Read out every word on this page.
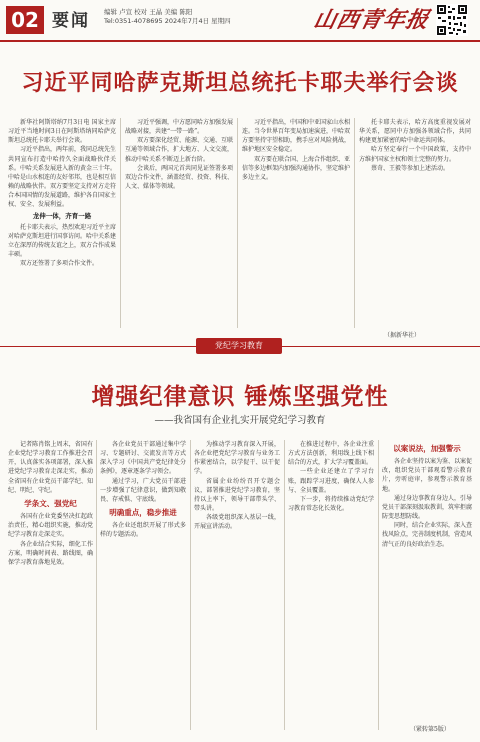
02 要闻 编辑 卢宣 校对 王晶 美编 陈阳
Tel:0351-4078695 2024年7月4日 星期四	山西青年报
习近平同哈萨克斯坦总统托卡耶夫举行会谈

新华社阿斯塔纳7月3日电 国家主席习近平当地时间3日在阿斯塔纳同哈萨克斯坦总统托卡耶夫举行会谈。

习近平指出，两年前，我同总统先生共同宣布打造中哈持久全面战略伙伴关系。中哈关系发展进入新的黄金三十年。中哈是山水相连的友好邻邦，也是相互信赖的战略伙伴。双方要坚定支持对方走符合本国国情的发展道路，维护各自国家主权、安全、发展利益。

龙伸一体，齐育一路

托卡耶夫表示，热烈欢迎习近平主席对哈萨克斯坦进行国事访问。哈中关系建立在深厚的传统友谊之上，双方合作成果丰硕。

双方还签署了多项合作文件。

习近平强调，中方愿同哈方加强发展战略对接，共建“一带一路”。

双方要深化经贸、能源、交通、互联互通等领域合作，扩大地方、人文交流，推动中哈关系不断迈上新台阶。

会谈后，两国元首共同见证签署多项双边合作文件，涵盖经贸、投资、科技、人文、媒体等领域。

习近平指出，中国和中亚国家山水相连。当今世界百年变局加速演进，中哈双方要坚持守望相助，携手应对风险挑战，维护地区安全稳定。

双方要在联合国、上海合作组织、亚信等多边框架内加强沟通协作，坚定维护多边主义。

托卡耶夫表示，哈方高度重视发展对华关系，愿同中方加强各领域合作，共同构建更加紧密的哈中命运共同体。

哈方坚定奉行一个中国政策，支持中方维护国家主权和领土完整的努力。

蔡奇、王毅等参加上述活动。

（据新华社）
党纪学习教育
增强纪律意识 锤炼坚强党性
——我省国有企业扎实开展党纪学习教育

记者陈肖铭上周末，省国有企业党纪学习教育工作推进会召开，认真落实各项部署，深入推进党纪学习教育走深走实，推动全省国有企业党员干部学纪、知纪、明纪、守纪。

学条文、强党纪

各国有企业党委坚决扛起政治责任，精心组织实施，推动党纪学习教育走深走实。

各企业结合实际，细化工作方案，明确时间表、路线图，确保学习教育落地见效。

各企业党员干部通过集中学习、专题研讨、交流发言等方式深入学习《中国共产党纪律处分条例》，逐章逐条学习领会。

通过学习，广大党员干部进一步增强了纪律意识，做到知敬畏、存戒惧、守底线。

明确重点，稳步推进

各企业还组织开展了形式多样的专题活动。

为推动学习教育深入开展，各企业把党纪学习教育与业务工作紧密结合，以学促干、以干促学。

省属企业纷纷召开专题会议，部署推进党纪学习教育，坚持以上率下，领导干部带头学、带头讲。

各级党组织深入基层一线，开展宣讲活动。

在推进过程中，各企业注重方式方法创新，利用线上线下相结合的方式，扩大学习覆盖面。

一些企业还建立了学习台账，跟踪学习进度，确保人人参与、全员覆盖。

下一步，将持续推动党纪学习教育常态化长效化。

以案说法，加强警示

各企业坚持以案为鉴、以案促改，组织党员干部观看警示教育片，旁听庭审，参观警示教育基地。

通过身边事教育身边人，引导党员干部深刻汲取教训，筑牢拒腐防变思想防线。

同时，结合企业实际，深入查找风险点，完善制度机制，营造风清气正的良好政治生态。

（紧转第5版）
